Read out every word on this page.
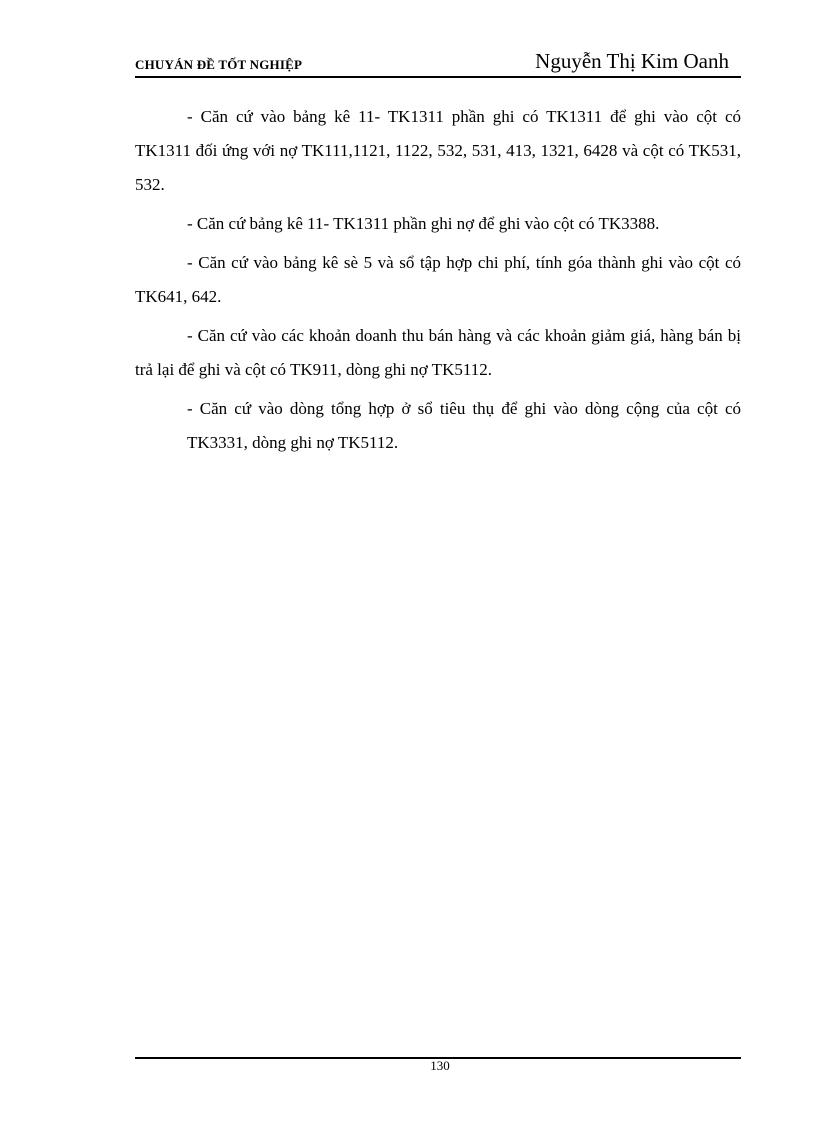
CHUYÁN ĐỀ TỐT NGHIỆP	Nguyễn Thị Kim Oanh

- Căn cứ vào bảng kê 11- TK1311 phần ghi có TK1311 để ghi vào cột có TK1311 đối ứng với nợ TK111,1121, 1122, 532, 531, 413, 1321, 6428 và cột có TK531, 532.

- Căn cứ bảng kê 11- TK1311 phần ghi nợ để ghi vào cột có TK3388.

- Căn cứ vào bảng kê sè 5 và sổ tập hợp chi phí, tính góa thành ghi vào cột có TK641, 642.

- Căn cứ vào các khoản doanh thu bán hàng và các khoản giảm giá, hàng bán bị trả lại để ghi và cột có TK911, dòng ghi nợ TK5112.

- Căn cứ vào dòng tổng hợp ở sổ tiêu thụ để ghi vào dòng cộng của cột có TK3331, dòng ghi nợ TK5112.

130
